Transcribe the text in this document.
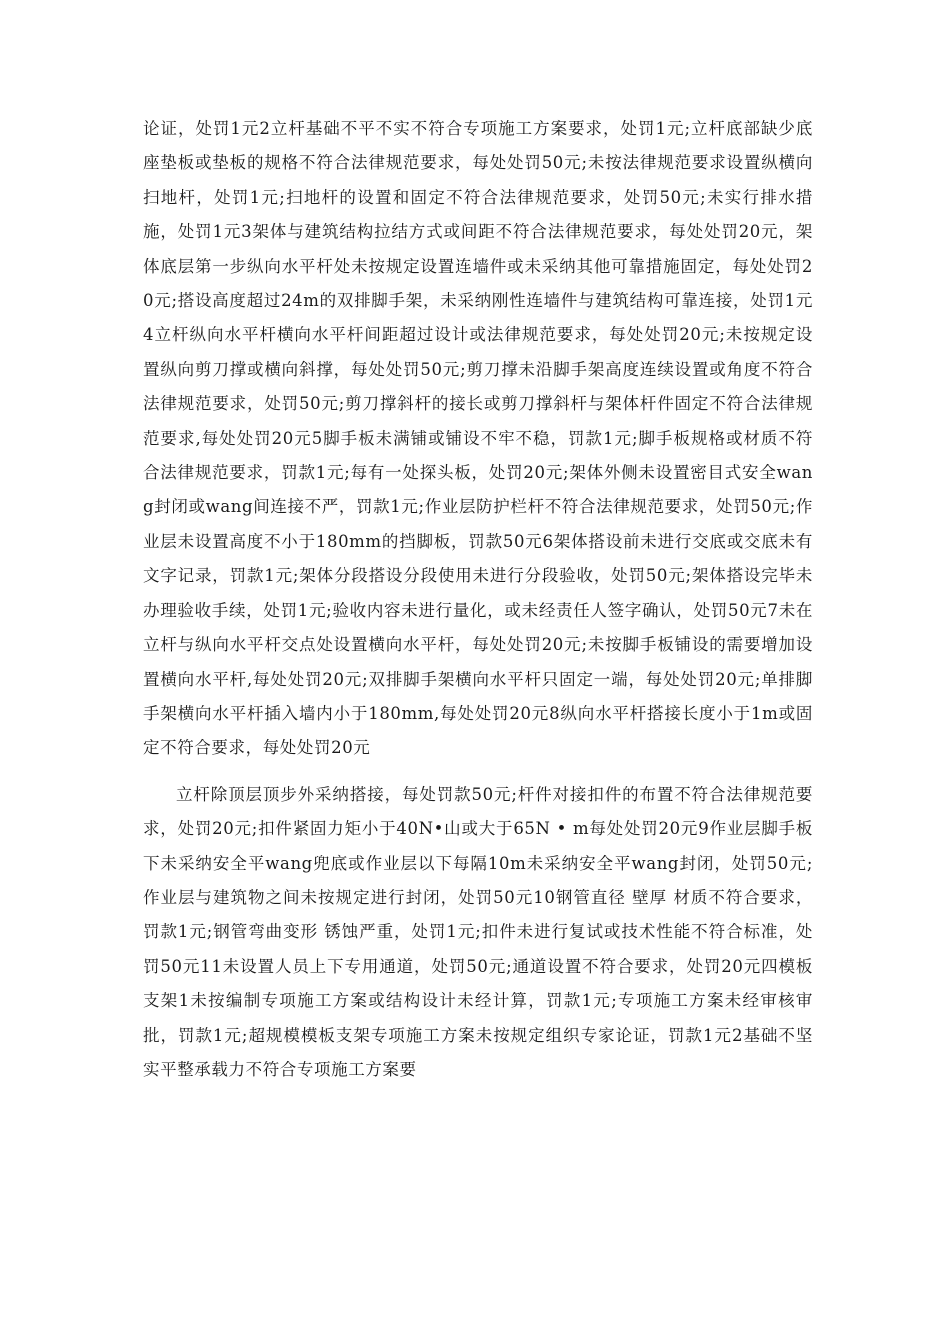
论证，处罚1元2立杆基础不平不实不符合专项施工方案要求，处罚1元;立杆底部缺少底座垫板或垫板的规格不符合法律规范要求，每处处罚50元;未按法律规范要求设置纵横向扫地杆，处罚1元;扫地杆的设置和固定不符合法律规范要求，处罚50元;未实行排水措施，处罚1元3架体与建筑结构拉结方式或间距不符合法律规范要求，每处处罚20元，架体底层第一步纵向水平杆处未按规定设置连墙件或未采纳其他可靠措施固定，每处处罚20元;搭设高度超过24m的双排脚手架，未采纳刚性连墙件与建筑结构可靠连接，处罚1元4立杆纵向水平杆横向水平杆间距超过设计或法律规范要求，每处处罚20元;未按规定设置纵向剪刀撑或横向斜撑，每处处罚50元;剪刀撑未沿脚手架高度连续设置或角度不符合法律规范要求，处罚50元;剪刀撑斜杆的接长或剪刀撑斜杆与架体杆件固定不符合法律规范要求,每处处罚20元5脚手板未满铺或铺设不牢不稳，罚款1元;脚手板规格或材质不符合法律规范要求，罚款1元;每有一处探头板，处罚20元;架体外侧未设置密目式安全wang封闭或wang间连接不严，罚款1元;作业层防护栏杆不符合法律规范要求，处罚50元;作业层未设置高度不小于180mm的挡脚板，罚款50元6架体搭设前未进行交底或交底未有文字记录，罚款1元;架体分段搭设分段使用未进行分段验收，处罚50元;架体搭设完毕未办理验收手续，处罚1元;验收内容未进行量化，或未经责任人签字确认，处罚50元7未在立杆与纵向水平杆交点处设置横向水平杆，每处处罚20元;未按脚手板铺设的需要增加设置横向水平杆,每处处罚20元;双排脚手架横向水平杆只固定一端，每处处罚20元;单排脚手架横向水平杆插入墙内小于180mm,每处处罚20元8纵向水平杆搭接长度小于1m或固定不符合要求，每处处罚20元

立杆除顶层顶步外采纳搭接，每处罚款50元;杆件对接扣件的布置不符合法律规范要求，处罚20元;扣件紧固力矩小于40N•山或大于65N • m每处处罚20元9作业层脚手板下未采纳安全平wang兜底或作业层以下每隔10m未采纳安全平wang封闭，处罚50元;作业层与建筑物之间未按规定进行封闭，处罚50元10钢管直径 壁厚 材质不符合要求，罚款1元;钢管弯曲变形 锈蚀严重，处罚1元;扣件未进行复试或技术性能不符合标准，处罚50元11未设置人员上下专用通道，处罚50元;通道设置不符合要求，处罚20元四模板支架1未按编制专项施工方案或结构设计未经计算，罚款1元;专项施工方案未经审核审批，罚款1元;超规模模板支架专项施工方案未按规定组织专家论证，罚款1元2基础不坚实平整承载力不符合专项施工方案要
